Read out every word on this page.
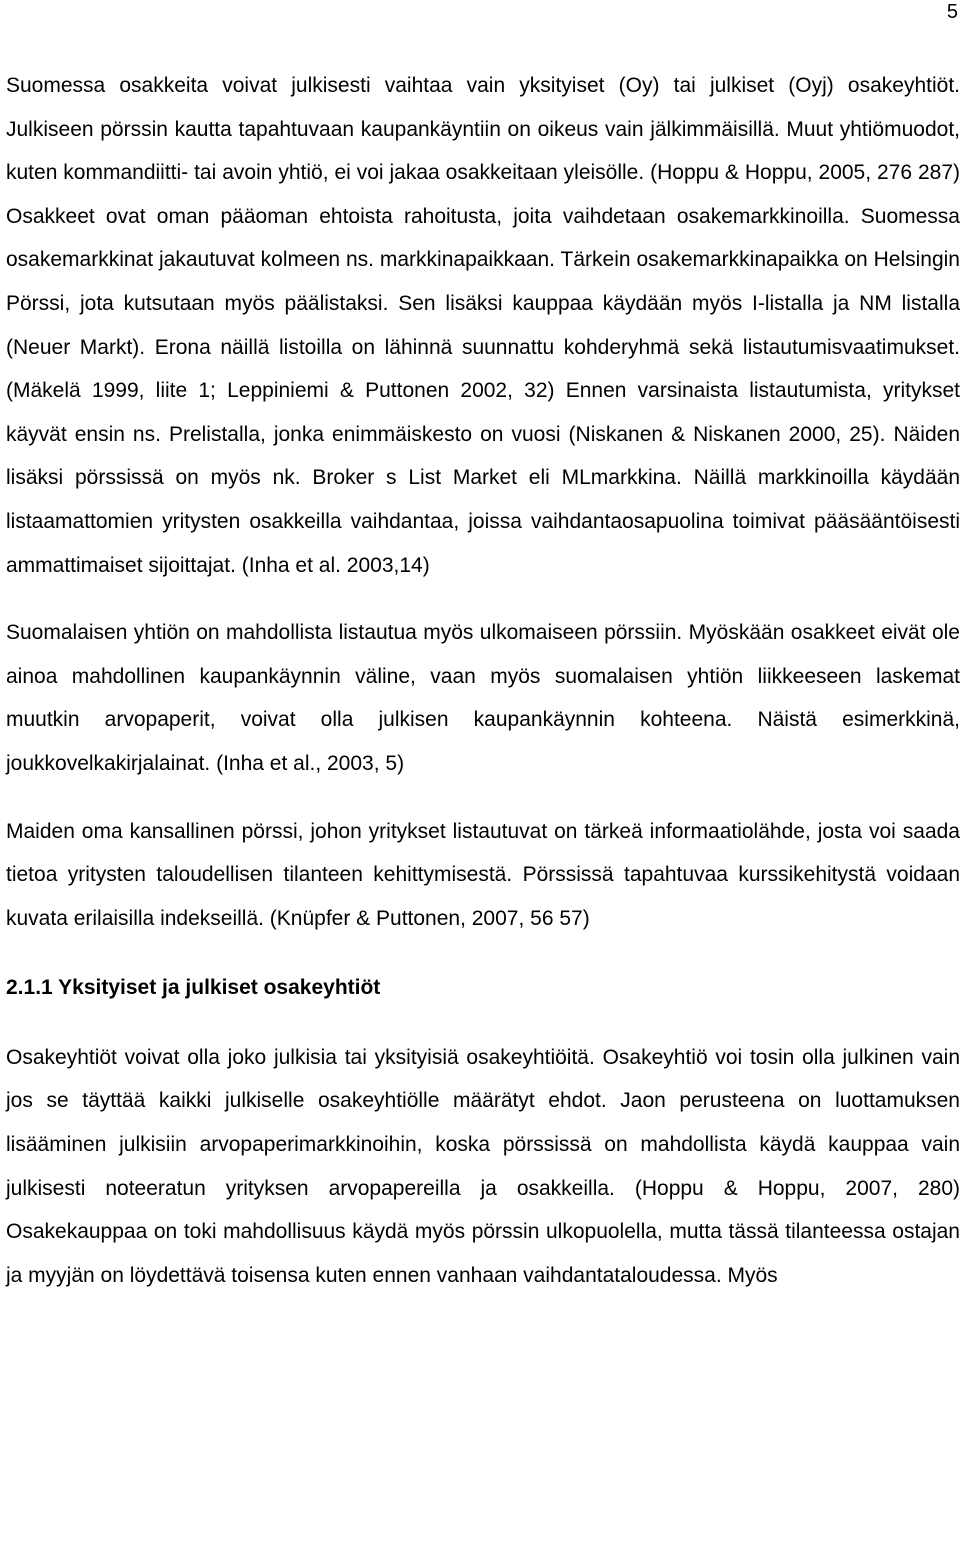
5

Suomessa osakkeita voivat julkisesti vaihtaa vain yksityiset (Oy) tai julkiset (Oyj) osakeyhtiöt. Julkiseen pörssin kautta tapahtuvaan kaupankäyntiin on oikeus vain jälkimmäisillä. Muut yhtiömuodot, kuten kommandiitti- tai avoin yhtiö, ei voi jakaa osakkeitaan yleisölle. (Hoppu & Hoppu, 2005, 276 287) Osakkeet ovat oman pääoman ehtoista rahoitusta, joita vaihdetaan osakemarkkinoilla. Suomessa osakemarkkinat jakautuvat kolmeen ns. markkinapaikkaan. Tärkein osakemarkkinapaikka on Helsingin Pörssi, jota kutsutaan myös päälistaksi. Sen lisäksi kauppaa käydään myös I-listalla ja NM listalla (Neuer Markt). Erona näillä listoilla on lähinnä suunnattu kohderyhmä sekä listautumisvaatimukset. (Mäkelä 1999, liite 1; Leppiniemi & Puttonen 2002, 32) Ennen varsinaista listautumista, yritykset käyvät ensin ns. Prelistalla, jonka enimmäiskesto on vuosi (Niskanen & Niskanen 2000, 25). Näiden lisäksi pörssissä on myös nk. Broker s List Market eli MLmarkkina. Näillä markkinoilla käydään listaamattomien yritysten osakkeilla vaihdantaa, joissa vaihdantaosapuolina toimivat pääsääntöisesti ammattimaiset sijoittajat. (Inha et al. 2003,14)

Suomalaisen yhtiön on mahdollista listautua myös ulkomaiseen pörssiin. Myöskään osakkeet eivät ole ainoa mahdollinen kaupankäynnin väline, vaan myös suomalaisen yhtiön liikkeeseen laskemat muutkin arvopaperit, voivat olla julkisen kaupankäynnin kohteena. Näistä esimerkkinä, joukkovelkakirjalainat. (Inha et al., 2003, 5)

Maiden oma kansallinen pörssi, johon yritykset listautuvat on tärkeä informaatiolähde, josta voi saada tietoa yritysten taloudellisen tilanteen kehittymisestä. Pörssissä tapahtuvaa kurssikehitystä voidaan kuvata erilaisilla indekseillä. (Knüpfer & Puttonen, 2007, 56 57)

2.1.1 Yksityiset ja julkiset osakeyhtiöt

Osakeyhtiöt voivat olla joko julkisia tai yksityisiä osakeyhtiöitä. Osakeyhtiö voi tosin olla julkinen vain jos se täyttää kaikki julkiselle osakeyhtiölle määrätyt ehdot. Jaon perusteena on luottamuksen lisääminen julkisiin arvopaperimarkkinoihin, koska pörssissä on mahdollista käydä kauppaa vain julkisesti noteeratun yrityksen arvopapereilla ja osakkeilla. (Hoppu & Hoppu, 2007, 280) Osakekauppaa on toki mahdollisuus käydä myös pörssin ulkopuolella, mutta tässä tilanteessa ostajan ja myyjän on löydettävä toisensa kuten ennen vanhaan vaihdantataloudessa. Myös
